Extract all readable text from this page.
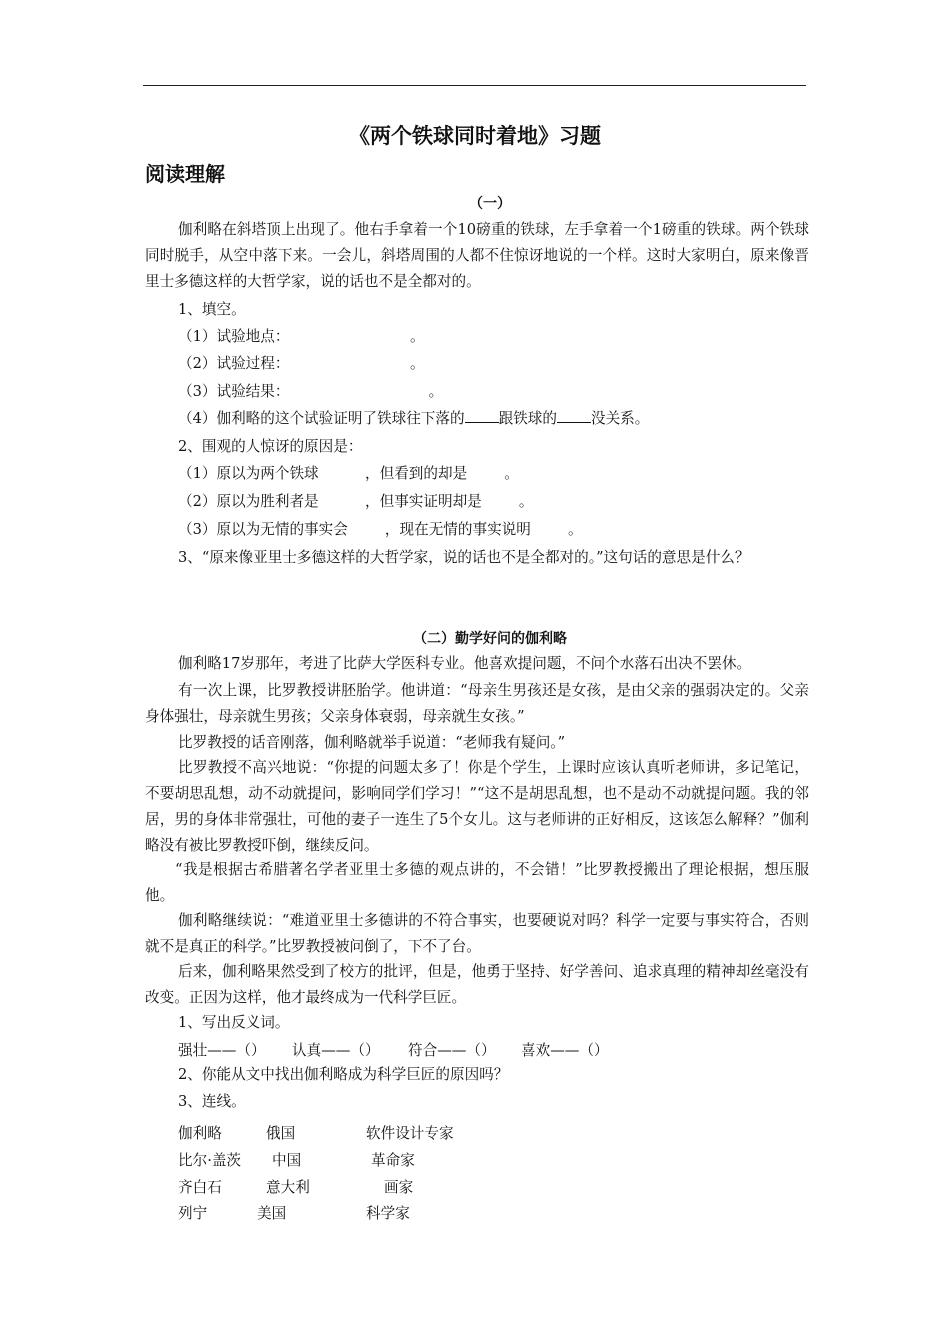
《两个铁球同时着地》习题
阅读理解
（一）
伽利略在斜塔顶上出现了。他右手拿着一个10磅重的铁球，左手拿着一个1磅重的铁球。两个铁球同时脱手，从空中落下来。一会儿，斜塔周围的人都不住惊讶地说的一个样。这时大家明白，原来像晋里士多德这样的大哲学家，说的话也不是全都对的。
1、填空。
（1）试验地点：                          。
（2）试验过程：                          。
（3）试验结果：                              。
（4）伽利略的这个试验证明了铁球往下落的 跟铁球的 没关系。
2、围观的人惊讶的原因是：
（1）原以为两个铁球          ，但看到的却是        。
（2）原以为胜利者是          ，但事实证明却是        。
（3）原以为无情的事实会        ，现在无情的事实说明        。
3、“原来像亚里士多德这样的大哲学家，说的话也不是全都对的。”这句话的意思是什么？
（二）勤学好问的伽利略
伽利略17岁那年，考进了比萨大学医科专业。他喜欢提问题，不问个水落石出决不罢休。
有一次上课，比罗教授讲胚胎学。他讲道：“母亲生男孩还是女孩，是由父亲的强弱决定的。父亲身体强壮，母亲就生男孩；父亲身体衰弱，母亲就生女孩。”
比罗教授的话音刚落，伽利略就举手说道：“老师我有疑问。”
比罗教授不高兴地说：“你提的问题太多了！你是个学生，上课时应该认真听老师讲，多记笔记，不要胡思乱想，动不动就提问，影响同学们学习！”“这不是胡思乱想，也不是动不动就提问题。我的邻居，男的身体非常强壮，可他的妻子一连生了5个女儿。这与老师讲的正好相反，这该怎么解释？”伽利略没有被比罗教授吓倒，继续反问。
“我是根据古希腊著名学者亚里士多德的观点讲的，不会错！”比罗教授搬出了理论根据，想压服他。
伽利略继续说：“难道亚里士多德讲的不符合事实，也要硬说对吗？科学一定要与事实符合，否则就不是真正的科学。”比罗教授被问倒了，下不了台。
后来，伽利略果然受到了校方的批评，但是，他勇于坚持、好学善问、追求真理的精神却丝毫没有改变。正因为这样，他才最终成为一代科学巨匠。
1、写出反义词。
强壮——（） 认真——（） 符合——（） 喜欢——（）
2、你能从文中找出伽利略成为科学巨匠的原因吗？
3、连线。
伽利略	俄国	软件设计专家
比尔·盖茨 中国	革命家
齐白石	意大利	画家
列宁	美国	科学家
